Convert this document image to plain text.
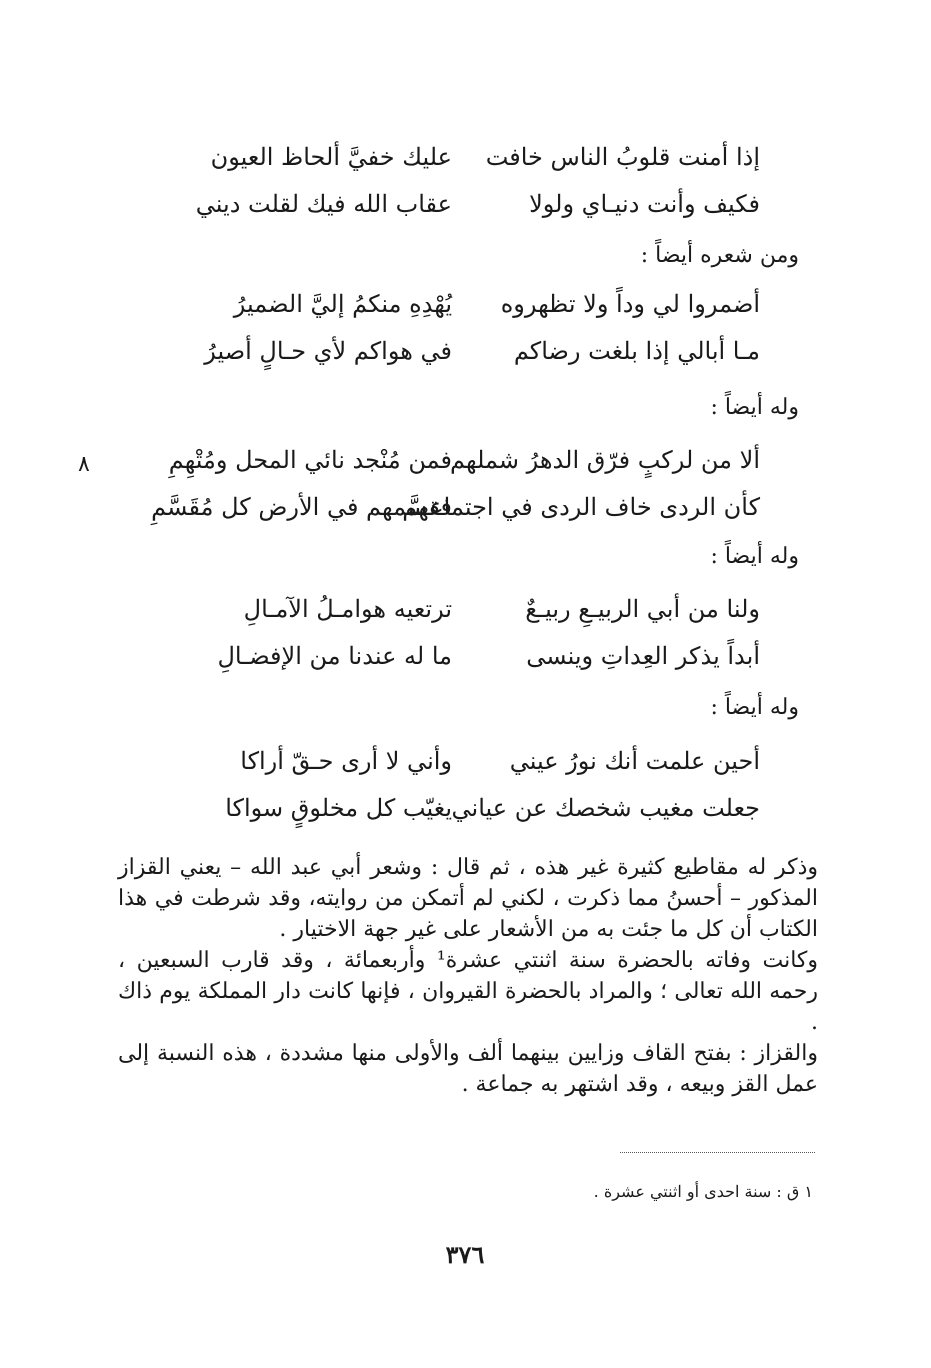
٨
إذا أمنت قلوبُ الناس خافت
عليك خفيَّ ألحاظ العيون
فكيف وأنت دنيـاي ولولا
عقاب الله فيك لقلت ديني
ومن شعره أيضاً :
أضمروا لي وداً ولا تظهروه
يُهْدِهِ منكمُ إليَّ الضميرُ
مـا أبالي إذا بلغت رضاكم
في هواكم لأي حـالٍ أصيرُ
وله أيضاً :
ألا من لركبٍ فرّق الدهرُ شملهم
فمن مُنْجد نائي المحل ومُتْهِمِ
كأن الردى خاف الردى في اجتماعهم
فقسَّمهم في الأرض كل مُقَسَّمِ
وله أيضاً :
ولنا من أبي الربيـعِ ربيـعٌ
ترتعيه هوامـلُ الآمـالِ
أبداً يذكر العِداتِ وينسى
ما له عندنا من الإفضـالِ
وله أيضاً :
أحين علمت أنك نورُ عيني
وأني لا أرى حـقّ أراكا
جعلت مغيب شخصك عن عياني
يغيّب كل مخلوقٍ سواكا

وذكر له مقاطيع كثيرة غير هذه ، ثم قال : وشعر أبي عبد الله – يعني القزاز المذكور – أحسنُ مما ذكرت ، لكني لم أتمكن من روايته، وقد شرطت في هذا الكتاب أن كل ما جئت به من الأشعار على غير جهة الاختيار .

وكانت وفاته بالحضرة سنة اثنتي عشرة¹ وأربعمائة ، وقد قارب السبعين ، رحمه الله تعالى ؛ والمراد بالحضرة القيروان ، فإنها كانت دار المملكة يوم ذاك .

والقزاز : بفتح القاف وزايين بينهما ألف والأولى منها مشددة ، هذه النسبة إلى عمل القز وبيعه ، وقد اشتهر به جماعة .

١ ق : سنة احدى أو اثنتي عشرة .
٣٧٦
